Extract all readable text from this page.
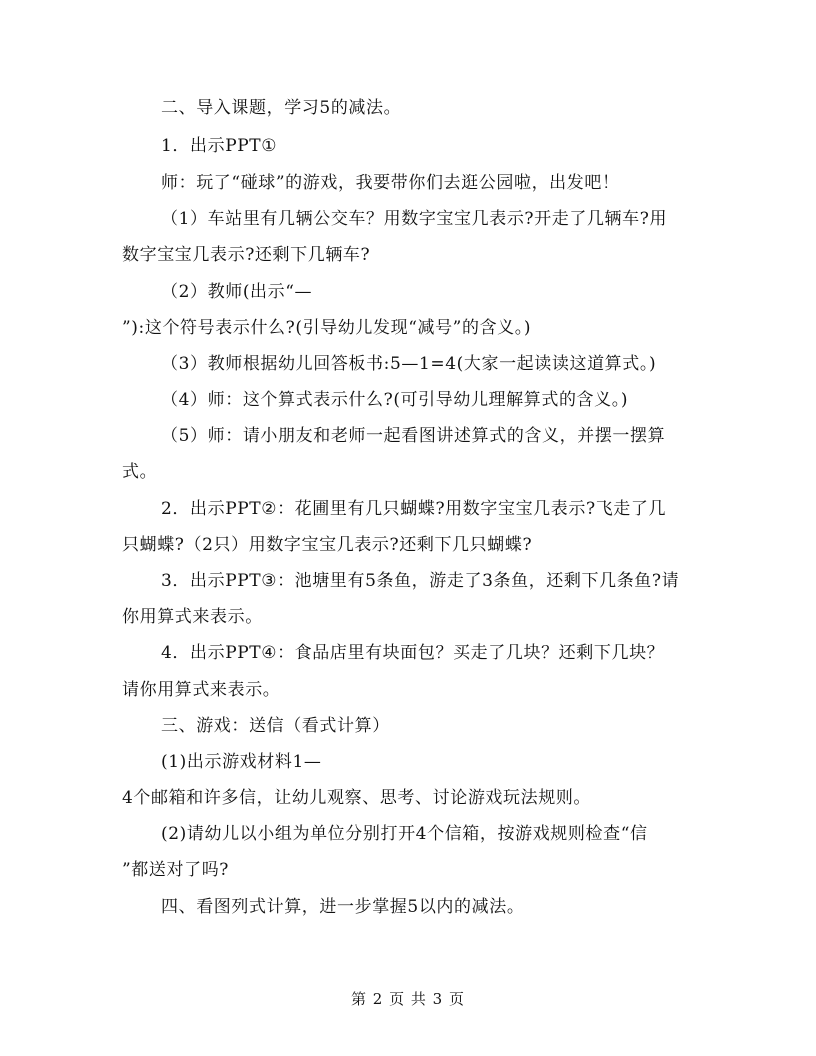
二、导入课题，学习5的减法。
1．出示PPT①
师：玩了“碰球”的游戏，我要带你们去逛公园啦，出发吧！
（1）车站里有几辆公交车？用数字宝宝几表示?开走了几辆车?用
数字宝宝几表示?还剩下几辆车?
（2）教师(出示“—
”):这个符号表示什么?(引导幼儿发现“减号”的含义。)
（3）教师根据幼儿回答板书:5—1=4(大家一起读读这道算式。)
（4）师：这个算式表示什么?(可引导幼儿理解算式的含义。)
（5）师：请小朋友和老师一起看图讲述算式的含义，并摆一摆算
式。
2．出示PPT②：花圃里有几只蝴蝶?用数字宝宝几表示?飞走了几
只蝴蝶?（2只）用数字宝宝几表示?还剩下几只蝴蝶?
3．出示PPT③：池塘里有5条鱼，游走了3条鱼，还剩下几条鱼?请
你用算式来表示。
4．出示PPT④：食品店里有块面包？买走了几块？还剩下几块？
请你用算式来表示。
三、游戏：送信（看式计算）
(1)出示游戏材料1—
4个邮箱和许多信，让幼儿观察、思考、讨论游戏玩法规则。
(2)请幼儿以小组为单位分别打开4个信箱，按游戏规则检查“信
”都送对了吗?
四、看图列式计算，进一步掌握5以内的减法。
第 2 页 共 3 页
